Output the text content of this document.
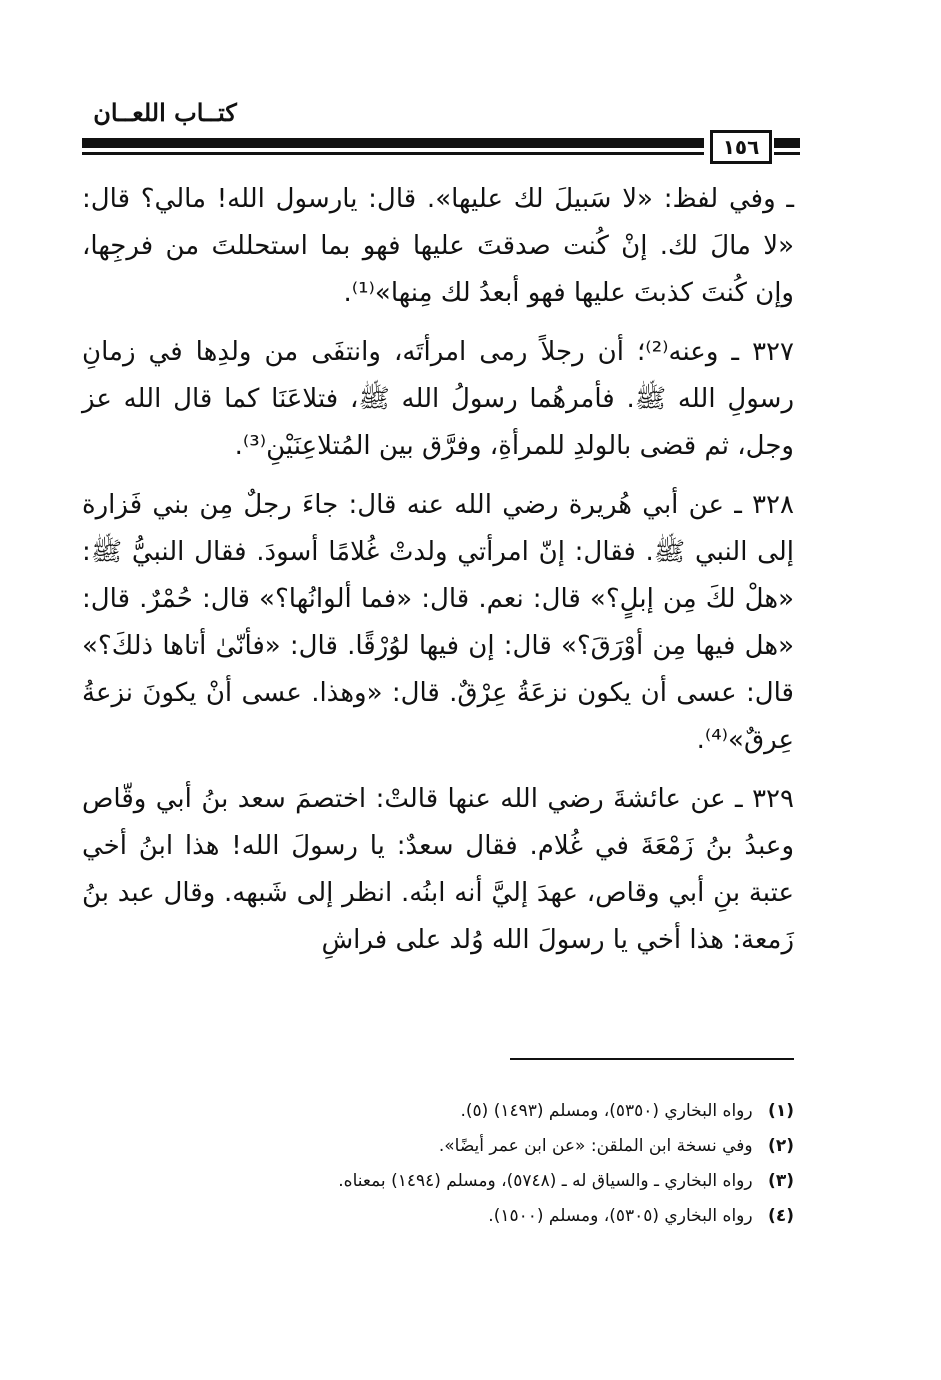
كتــاب اللعــان
١٥٦

ـ وفي لفظ: «لا سَبيلَ لك عليها». قال: يارسول الله! مالي؟ قال: «لا مالَ لك. إنْ كُنت صدقتَ عليها فهو بما استحللتَ من فرجِها، وإن كُنتَ كذبتَ عليها فهو أبعدُ لك مِنها»⁽¹⁾.

٣٢٧ ـ وعنه⁽²⁾؛ أن رجلاً رمى امرأتَه، وانتفَى من ولدِها في زمانِ رسولِ الله ﷺ. فأمرهُما رسولُ الله ﷺ، فتلاعَنَا كما قال الله عز وجل، ثم قضى بالولدِ للمرأةِ، وفرَّق بين المُتلاعِنَيْنِ⁽³⁾.

٣٢٨ ـ عن أبي هُريرة رضي الله عنه قال: جاءَ رجلٌ مِن بني فَزارة إلى النبي ﷺ. فقال: إنّ امرأتي ولدتْ غُلامًا أسودَ. فقال النبيُّ ﷺ: «هلْ لكَ مِن إبلٍ؟» قال: نعم. قال: «فما ألوانُها؟» قال: حُمْرٌ. قال: «هل فيها مِن أوْرَقَ؟» قال: إن فيها لوُرْقًا. قال: «فأنّىٰ أتاها ذلكَ؟» قال: عسى أن يكون نزعَةُ عِرْقٌ. قال: «وهذا. عسى أنْ يكونَ نزعةُ عِرقٌ»⁽⁴⁾.

٣٢٩ ـ عن عائشةَ رضي الله عنها قالتْ: اختصمَ سعد بنُ أبي وقّاص وعبدُ بنُ زَمْعَةَ في غُلام. فقال سعدٌ: يا رسولَ الله! هذا ابنُ أخي عتبة بنِ أبي وقاص، عهدَ إليَّ أنه ابنُه. انظر إلى شَبهه. وقال عبد بنُ زَمعة: هذا أخي يا رسولَ الله وُلد على فراشِ

(١) رواه البخاري (٥٣٥٠)، ومسلم (١٤٩٣) (٥).
(٢) وفي نسخة ابن الملقن: «عن ابن عمر أيضًا».
(٣) رواه البخاري ـ والسياق له ـ (٥٧٤٨)، ومسلم (١٤٩٤) بمعناه.
(٤) رواه البخاري (٥٣٠٥)، ومسلم (١٥٠٠).
